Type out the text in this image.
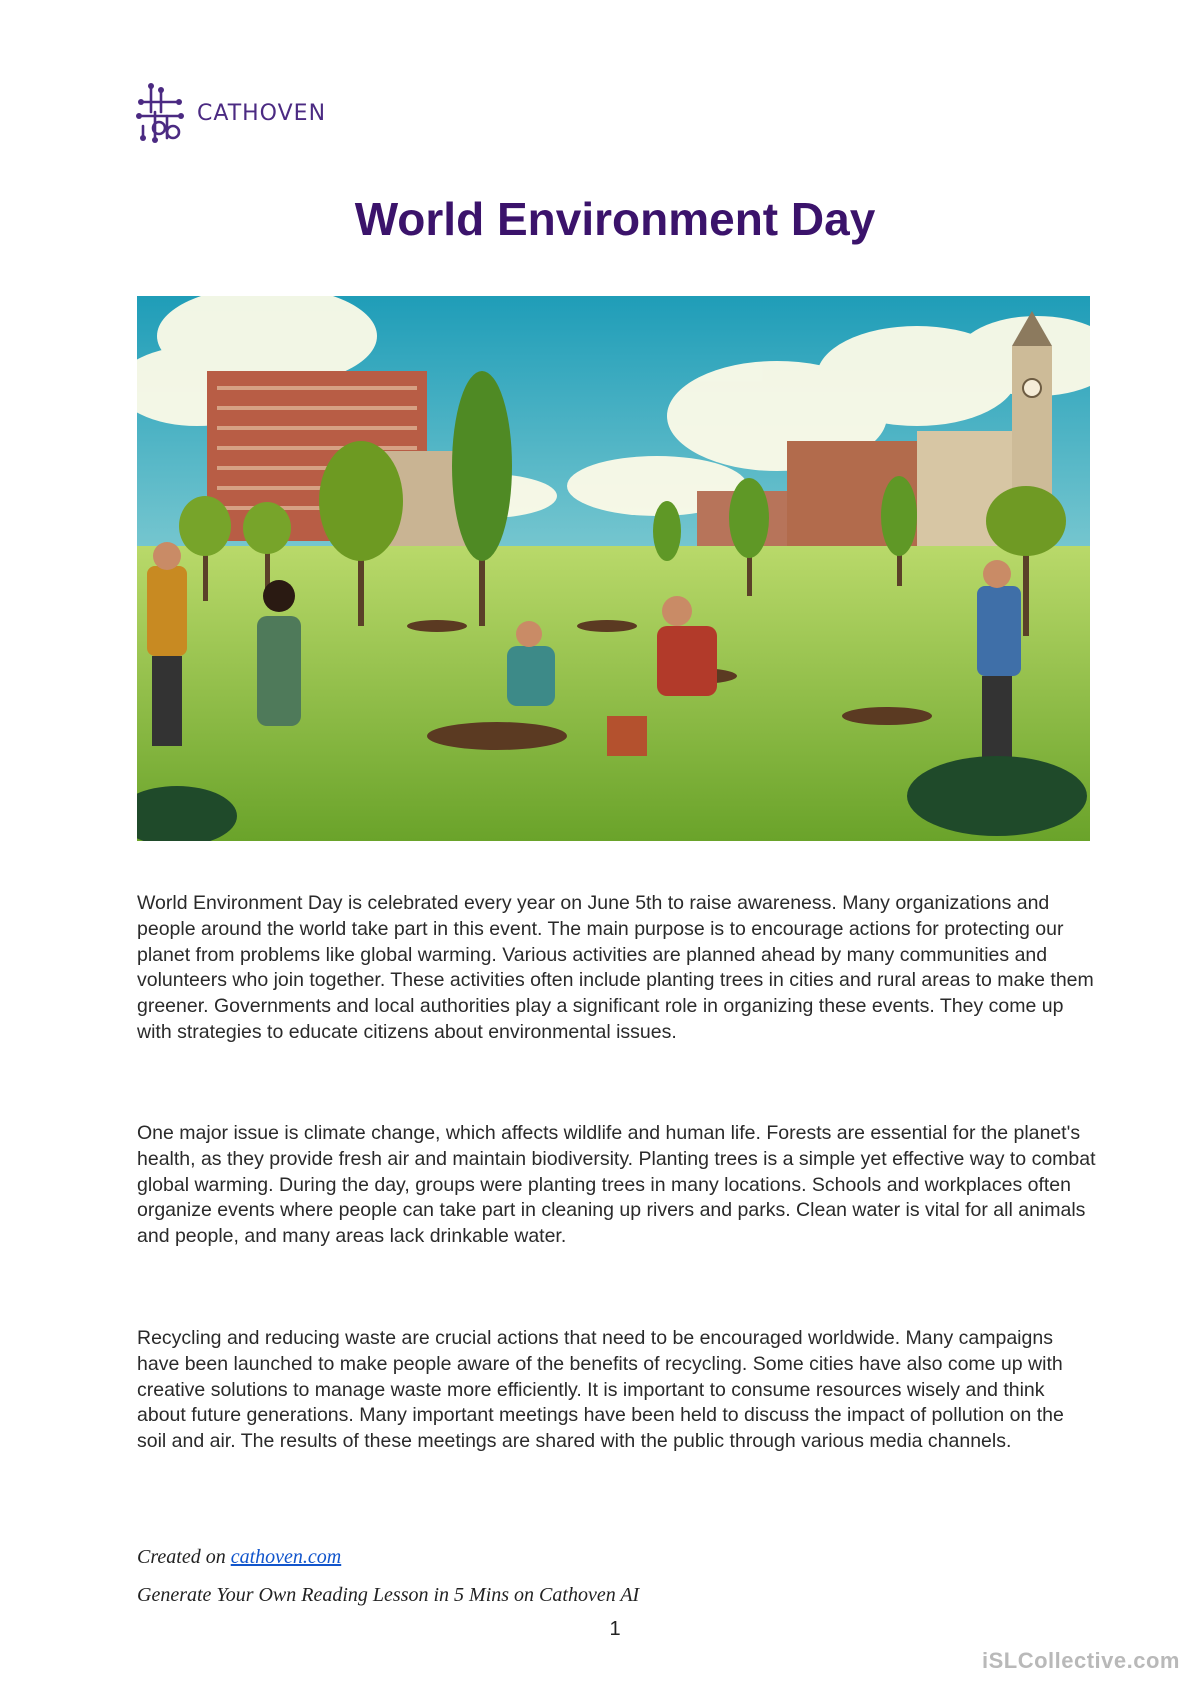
CATHOVEN
World Environment Day

World Environment Day is celebrated every year on June 5th to raise awareness. Many organizations and people around the world take part in this event. The main purpose is to encourage actions for protecting our planet from problems like global warming. Various activities are planned ahead by many communities and volunteers who join together. These activities often include planting trees in cities and rural areas to make them greener. Governments and local authorities play a significant role in organizing these events. They come up with strategies to educate citizens about environmental issues.

One major issue is climate change, which affects wildlife and human life. Forests are essential for the planet's health, as they provide fresh air and maintain biodiversity. Planting trees is a simple yet effective way to combat global warming. During the day, groups were planting trees in many locations. Schools and workplaces often organize events where people can take part in cleaning up rivers and parks. Clean water is vital for all animals and people, and many areas lack drinkable water.

Recycling and reducing waste are crucial actions that need to be encouraged worldwide. Many campaigns have been launched to make people aware of the benefits of recycling. Some cities have also come up with creative solutions to manage waste more efficiently. It is important to consume resources wisely and think about future generations. Many important meetings have been held to discuss the impact of pollution on the soil and air. The results of these meetings are shared with the public through various media channels.

Created on cathoven.com
Generate Your Own Reading Lesson in 5 Mins on Cathoven AI
1
iSLCollective.com
